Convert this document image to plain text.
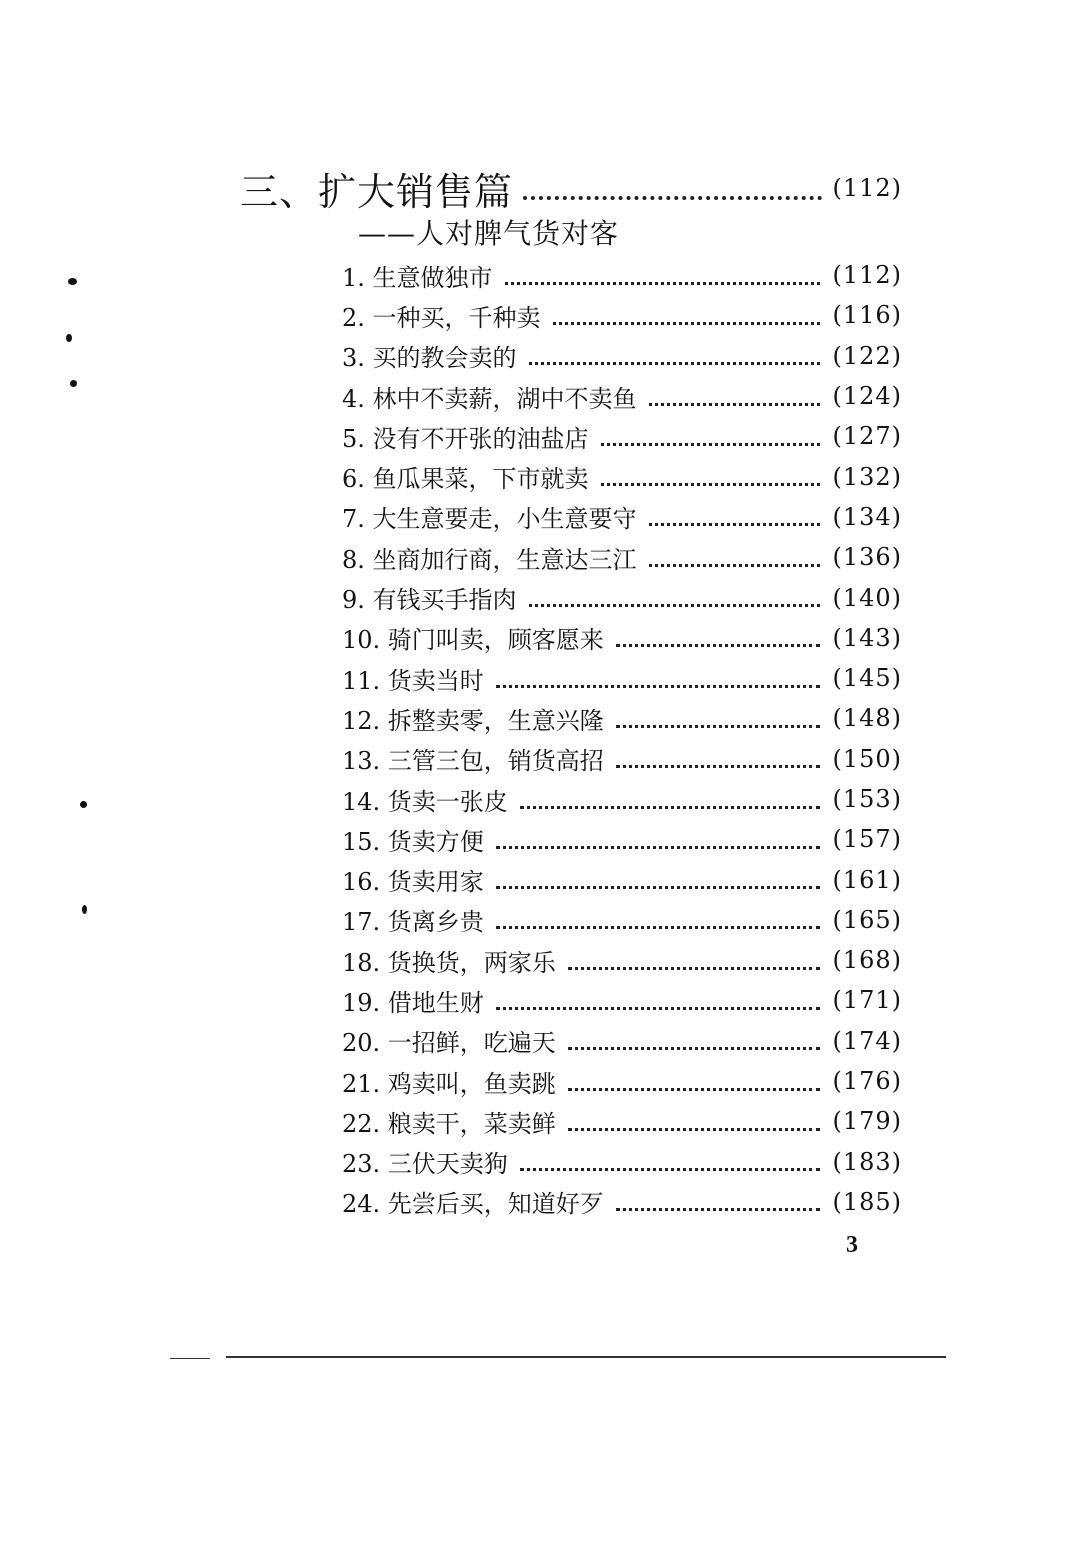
三、扩大销售篇	(112)
——人对脾气货对客
1. 生意做独市	(112)
2. 一种买，千种卖	(116)
3. 买的教会卖的	(122)
4. 林中不卖薪，湖中不卖鱼	(124)
5. 没有不开张的油盐店	(127)
6. 鱼瓜果菜，下市就卖	(132)
7. 大生意要走，小生意要守	(134)
8. 坐商加行商，生意达三江	(136)
9. 有钱买手指肉	(140)
10. 骑门叫卖，顾客愿来	(143)
11. 货卖当时	(145)
12. 拆整卖零，生意兴隆	(148)
13. 三管三包，销货高招	(150)
14. 货卖一张皮	(153)
15. 货卖方便	(157)
16. 货卖用家	(161)
17. 货离乡贵	(165)
18. 货换货，两家乐	(168)
19. 借地生财	(171)
20. 一招鲜，吃遍天	(174)
21. 鸡卖叫，鱼卖跳	(176)
22. 粮卖干，菜卖鲜	(179)
23. 三伏天卖狗	(183)
24. 先尝后买，知道好歹	(185)
3
